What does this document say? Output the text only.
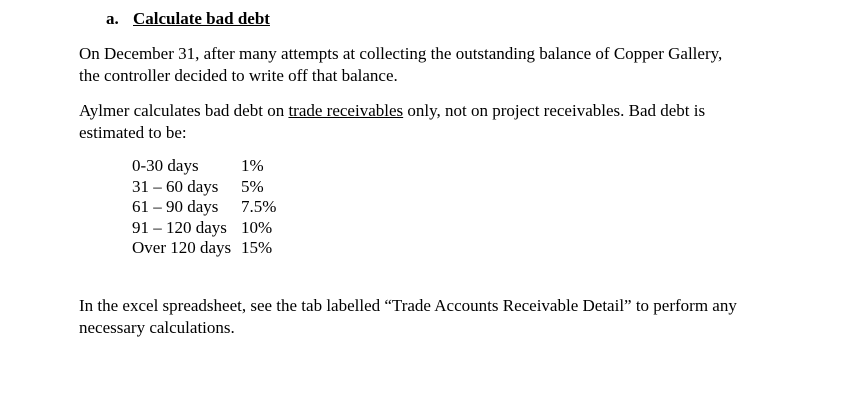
a. Calculate bad debt
On December 31, after many attempts at collecting the outstanding balance of Copper Gallery,
the controller decided to write off that balance.
Aylmer calculates bad debt on trade receivables only, not on project receivables. Bad debt is
estimated to be:
0-30 days	1%
31 – 60 days	5%
61 – 90 days	7.5%
91 – 120 days	10%
Over 120 days	15%
In the excel spreadsheet, see the tab labelled “Trade Accounts Receivable Detail” to perform any
necessary calculations.
